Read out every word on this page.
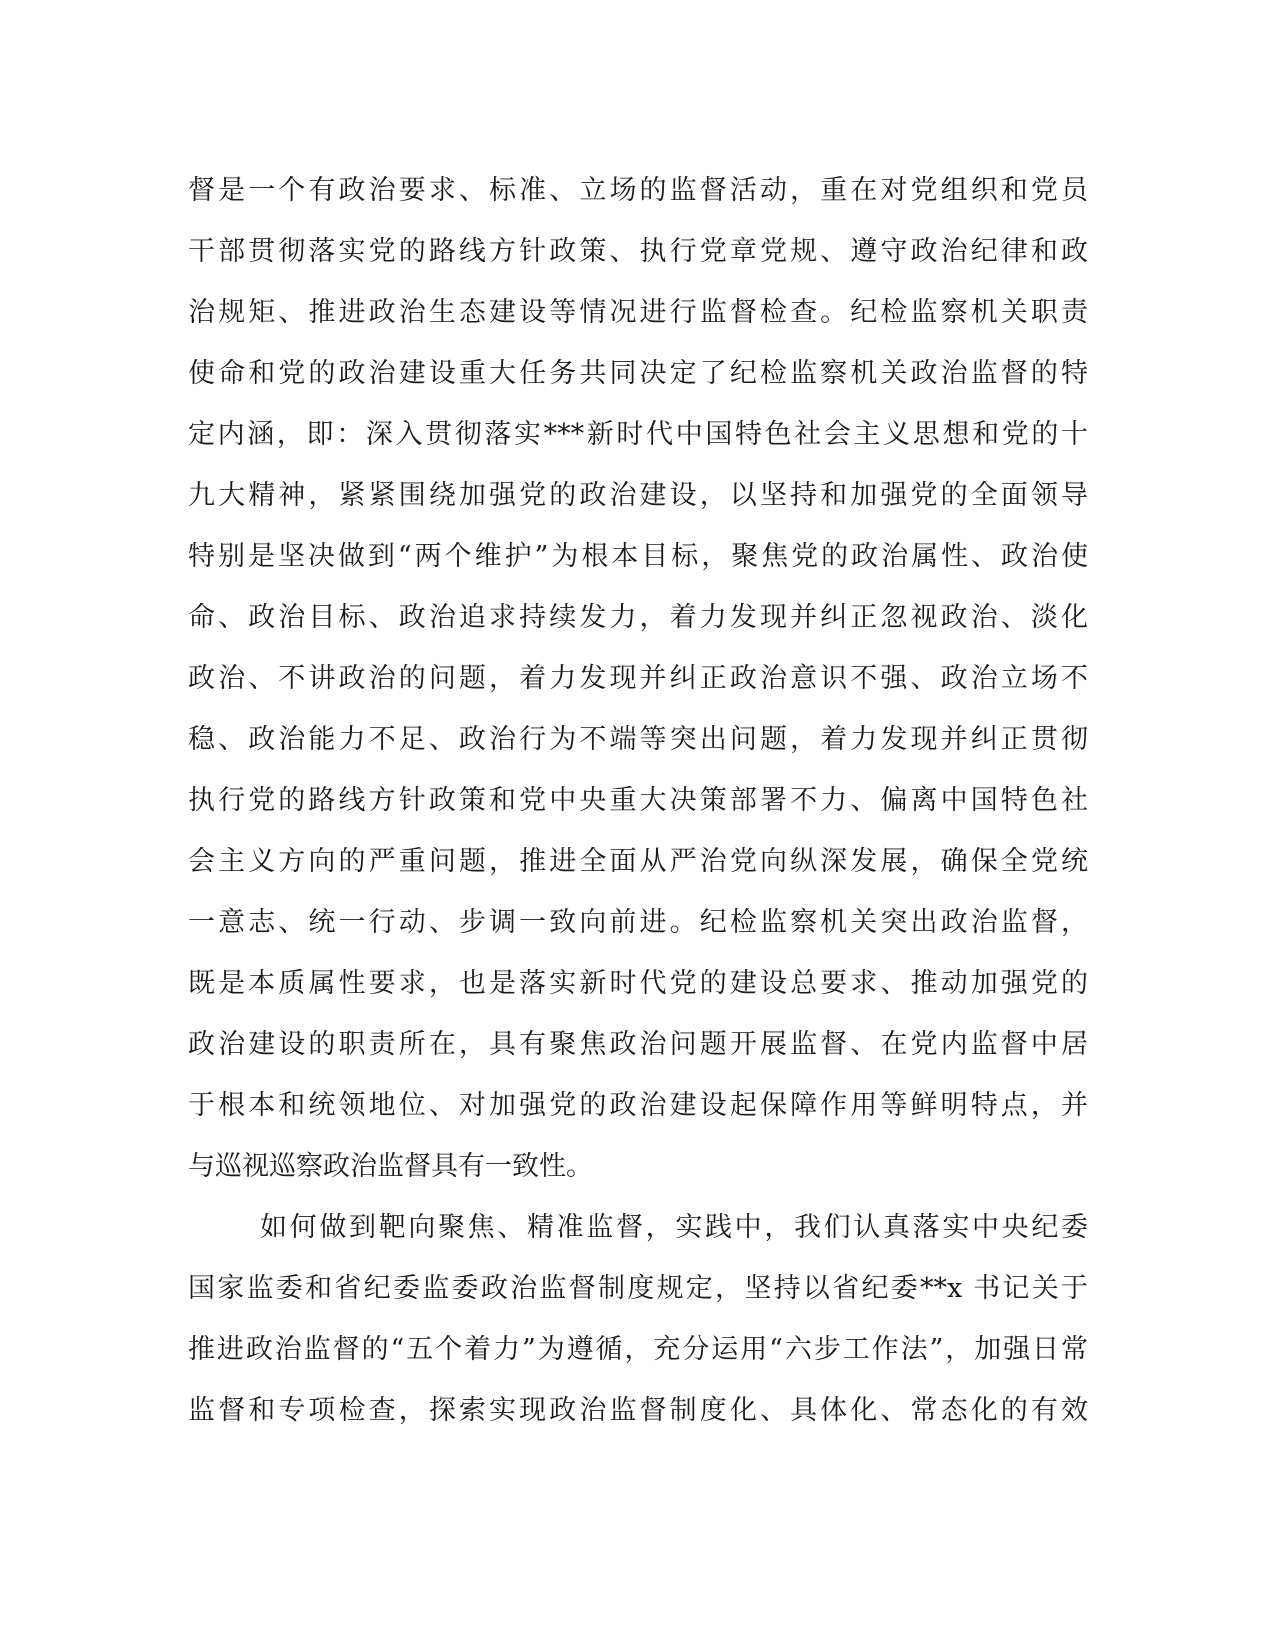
督是一个有政治要求、标准、立场的监督活动，重在对党组织和党员
干部贯彻落实党的路线方针政策、执行党章党规、遵守政治纪律和政
治规矩、推进政治生态建设等情况进行监督检查。纪检监察机关职责
使命和党的政治建设重大任务共同决定了纪检监察机关政治监督的特
定内涵，即：深入贯彻落实***新时代中国特色社会主义思想和党的十
九大精神，紧紧围绕加强党的政治建设，以坚持和加强党的全面领导
特别是坚决做到“两个维护”为根本目标，聚焦党的政治属性、政治使
命、政治目标、政治追求持续发力，着力发现并纠正忽视政治、淡化
政治、不讲政治的问题，着力发现并纠正政治意识不强、政治立场不
稳、政治能力不足、政治行为不端等突出问题，着力发现并纠正贯彻
执行党的路线方针政策和党中央重大决策部署不力、偏离中国特色社
会主义方向的严重问题，推进全面从严治党向纵深发展，确保全党统
一意志、统一行动、步调一致向前进。纪检监察机关突出政治监督，
既是本质属性要求，也是落实新时代党的建设总要求、推动加强党的
政治建设的职责所在，具有聚焦政治问题开展监督、在党内监督中居
于根本和统领地位、对加强党的政治建设起保障作用等鲜明特点，并
与巡视巡察政治监督具有一致性。
如何做到靶向聚焦、精准监督，实践中，我们认真落实中央纪委
国家监委和省纪委监委政治监督制度规定，坚持以省纪委**x 书记关于
推进政治监督的“五个着力”为遵循，充分运用“六步工作法”，加强日常
监督和专项检查，探索实现政治监督制度化、具体化、常态化的有效
